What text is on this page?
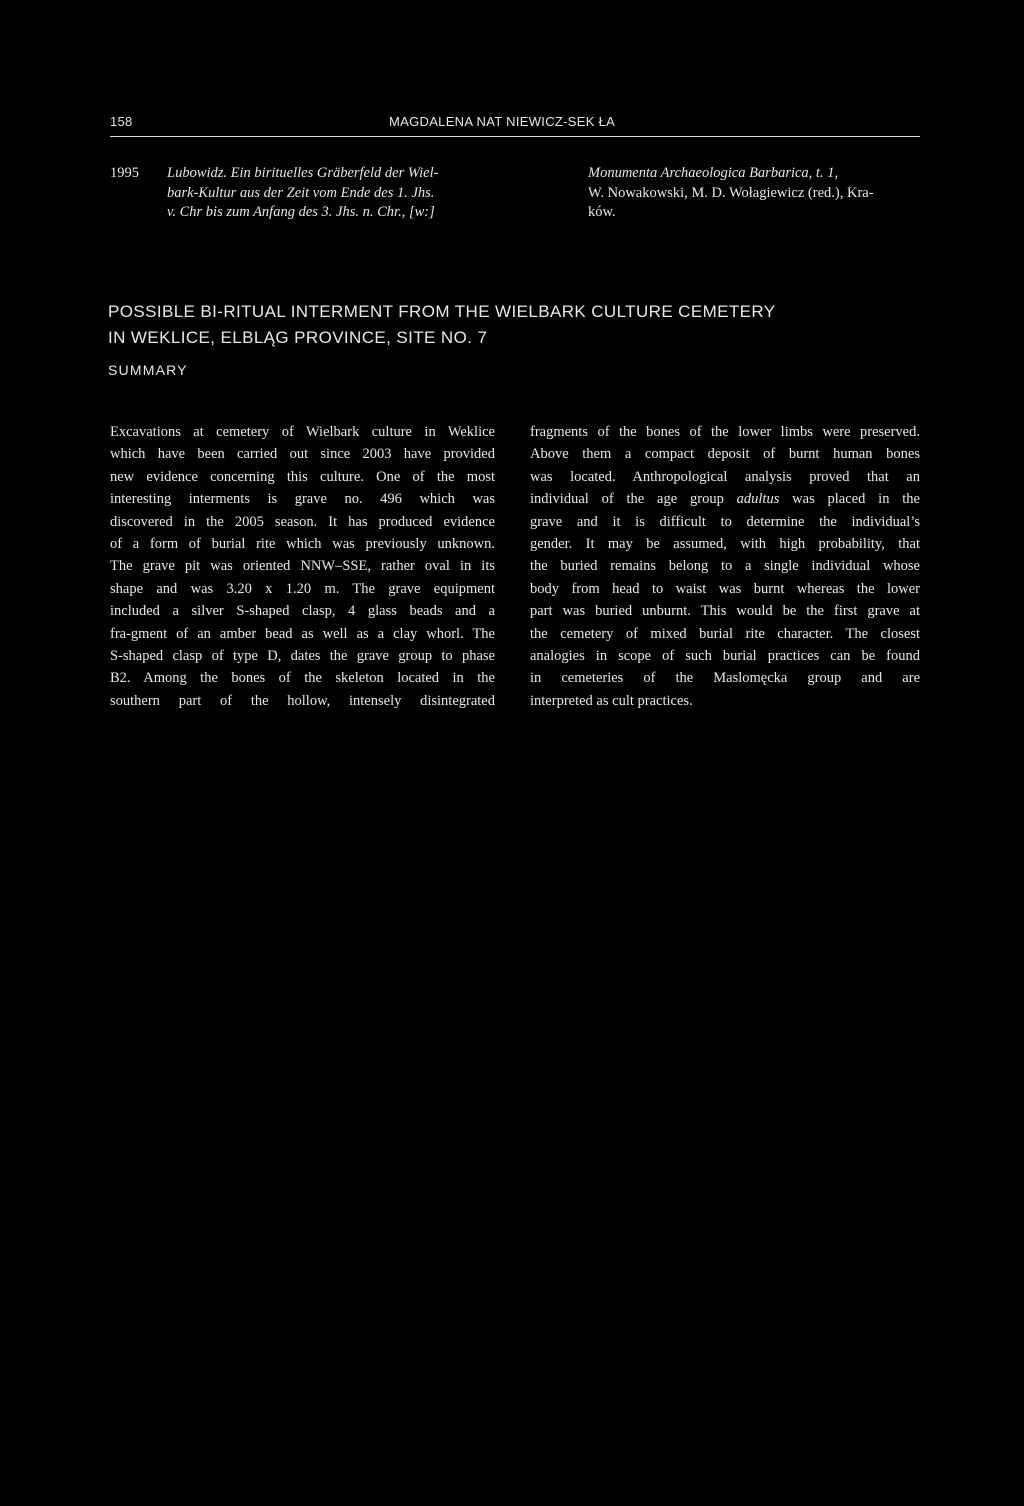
158	MAGDALENA NAT NIEWICZ-SEK ŁA
1995 Lubowidz. Ein birituelles Gräberfeld der Wiel-
bark-Kultur aus der Zeit vom Ende des 1. Jhs.
v. Chr bis zum Anfang des 3. Jhs. n. Chr., [w:]
Monumenta Archaeologica Barbarica, t. 1,
W. Nowakowski, M. D. Wołagiewicz (red.), Kra-
ków.
POSSIBLE BI-RITUAL INTERMENT FROM THE WIELBARK CULTURE CEMETERY
IN WEKLICE, ELBLĄG PROVINCE, SITE NO. 7
SUMMARY
Excavations at cemetery of Wielbark culture in Weklice
which have been carried out since 2003 have provided
new evidence concerning this culture. One of the most
interesting interments is grave no. 496 which was
discovered in the 2005 season. It has produced evidence
of a form of burial rite which was previously unknown.
The grave pit was oriented NNW–SSE, rather oval in its
shape and was 3.20 x 1.20 m. The grave equipment
included a silver S-shaped clasp, 4 glass beads and a
fra-gment of an amber bead as well as a clay whorl. The
S-shaped clasp of type D, dates the grave group to phase
B2. Among the bones of the skeleton located in the
southern part of the hollow, intensely disintegrated
fragments of the bones of the lower limbs were preserved.
Above them a compact deposit of burnt human bones
was located. Anthropological analysis proved that an
individual of the age group adultus was placed in the
grave and it is difficult to determine the individual’s
gender. It may be assumed, with high probability, that
the buried remains belong to a single individual whose
body from head to waist was burnt whereas the lower
part was buried unburnt. This would be the first grave at
the cemetery of mixed burial rite character. The closest
analogies in scope of such burial practices can be found
in cemeteries of the Maslomęcka group and are
interpreted as cult practices.
